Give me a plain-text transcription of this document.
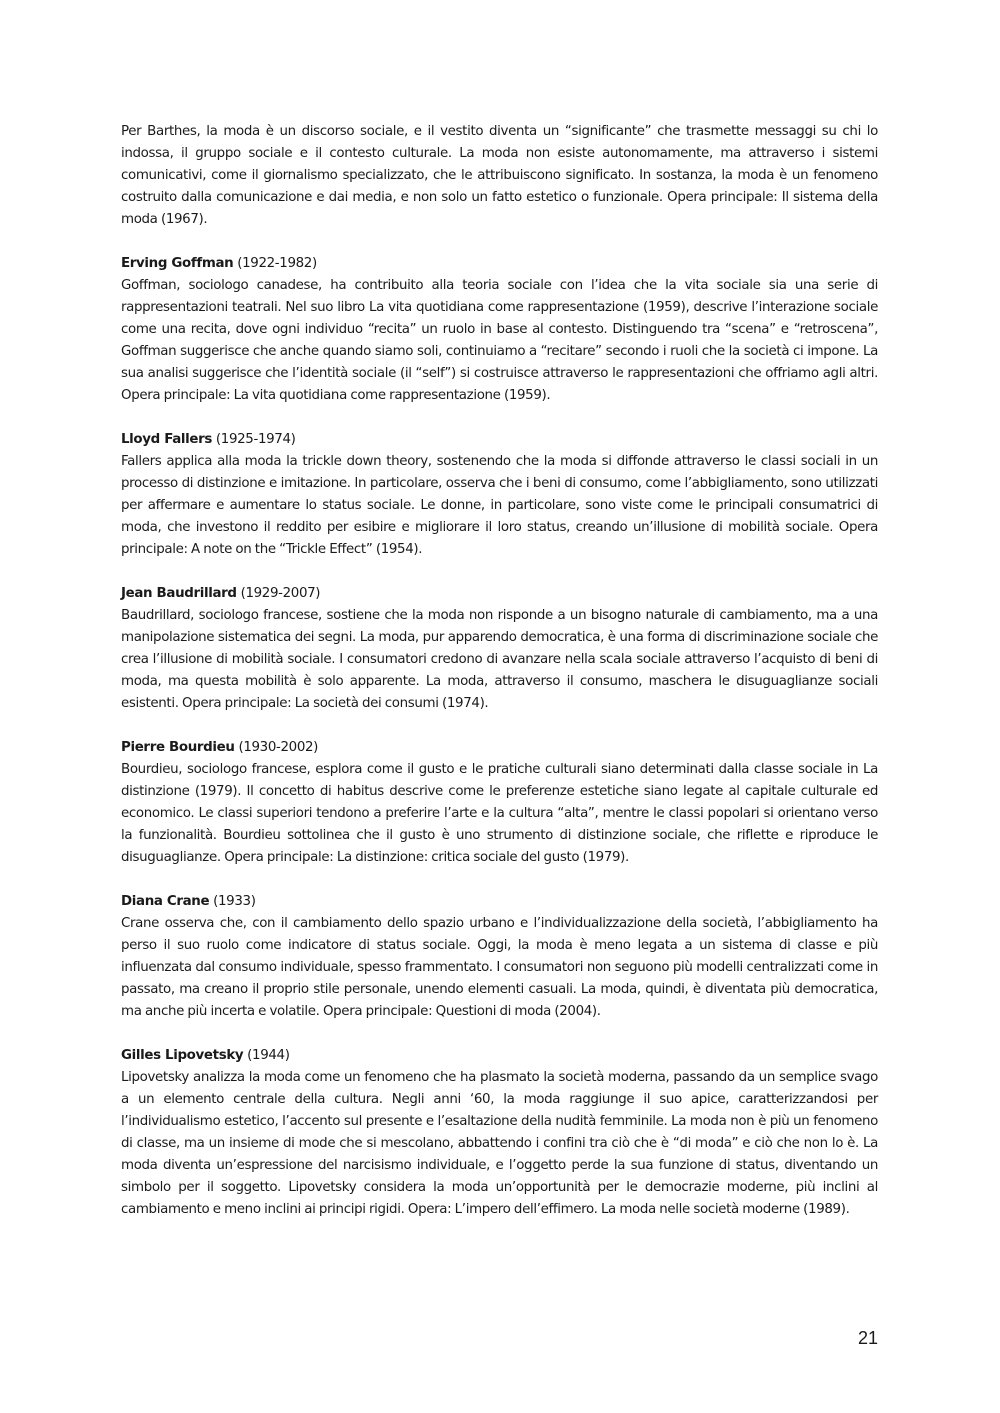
Per Barthes, la moda è un discorso sociale, e il vestito diventa un “significante” che trasmette messaggi su chi lo indossa, il gruppo sociale e il contesto culturale. La moda non esiste autonomamente, ma attraverso i sistemi comunicativi, come il giornalismo specializzato, che le attribuiscono significato. In sostanza, la moda è un fenomeno costruito dalla comunicazione e dai media, e non solo un fatto estetico o funzionale. Opera principale: Il sistema della moda (1967).

Erving Goffman (1922-1982)

Goffman, sociologo canadese, ha contribuito alla teoria sociale con l’idea che la vita sociale sia una serie di rappresentazioni teatrali. Nel suo libro La vita quotidiana come rappresentazione (1959), descrive l’interazione sociale come una recita, dove ogni individuo “recita” un ruolo in base al contesto. Distinguendo tra “scena” e “retroscena”, Goffman suggerisce che anche quando siamo soli, continuiamo a “recitare” secondo i ruoli che la società ci impone. La sua analisi suggerisce che l’identità sociale (il “self”) si costruisce attraverso le rappresentazioni che offriamo agli altri. Opera principale: La vita quotidiana come rappresentazione (1959).

Lloyd Fallers (1925-1974)

Fallers applica alla moda la trickle down theory, sostenendo che la moda si diffonde attraverso le classi sociali in un processo di distinzione e imitazione. In particolare, osserva che i beni di consumo, come l’abbigliamento, sono utilizzati per affermare e aumentare lo status sociale. Le donne, in particolare, sono viste come le principali consumatrici di moda, che investono il reddito per esibire e migliorare il loro status, creando un’illusione di mobilità sociale. Opera principale: A note on the “Trickle Effect” (1954).

Jean Baudrillard (1929-2007)

Baudrillard, sociologo francese, sostiene che la moda non risponde a un bisogno naturale di cambiamento, ma a una manipolazione sistematica dei segni. La moda, pur apparendo democratica, è una forma di discriminazione sociale che crea l’illusione di mobilità sociale. I consumatori credono di avanzare nella scala sociale attraverso l’acquisto di beni di moda, ma questa mobilità è solo apparente. La moda, attraverso il consumo, maschera le disuguaglianze sociali esistenti. Opera principale: La società dei consumi (1974).

Pierre Bourdieu (1930-2002)

Bourdieu, sociologo francese, esplora come il gusto e le pratiche culturali siano determinati dalla classe sociale in La distinzione (1979). Il concetto di habitus descrive come le preferenze estetiche siano legate al capitale culturale ed economico. Le classi superiori tendono a preferire l’arte e la cultura “alta”, mentre le classi popolari si orientano verso la funzionalità. Bourdieu sottolinea che il gusto è uno strumento di distinzione sociale, che riflette e riproduce le disuguaglianze. Opera principale: La distinzione: critica sociale del gusto (1979).

Diana Crane (1933)

Crane osserva che, con il cambiamento dello spazio urbano e l’individualizzazione della società, l’abbigliamento ha perso il suo ruolo come indicatore di status sociale. Oggi, la moda è meno legata a un sistema di classe e più influenzata dal consumo individuale, spesso frammentato. I consumatori non seguono più modelli centralizzati come in passato, ma creano il proprio stile personale, unendo elementi casuali. La moda, quindi, è diventata più democratica, ma anche più incerta e volatile. Opera principale: Questioni di moda (2004).

Gilles Lipovetsky (1944)

Lipovetsky analizza la moda come un fenomeno che ha plasmato la società moderna, passando da un semplice svago a un elemento centrale della cultura. Negli anni ‘60, la moda raggiunge il suo apice, caratterizzandosi per l’individualismo estetico, l’accento sul presente e l’esaltazione della nudità femminile. La moda non è più un fenomeno di classe, ma un insieme di mode che si mescolano, abbattendo i confini tra ciò che è “di moda” e ciò che non lo è. La moda diventa un’espressione del narcisismo individuale, e l’oggetto perde la sua funzione di status, diventando un simbolo per il soggetto. Lipovetsky considera la moda un’opportunità per le democrazie moderne, più inclini al cambiamento e meno inclini ai principi rigidi. Opera: L’impero dell’effimero. La moda nelle società moderne (1989).

21
